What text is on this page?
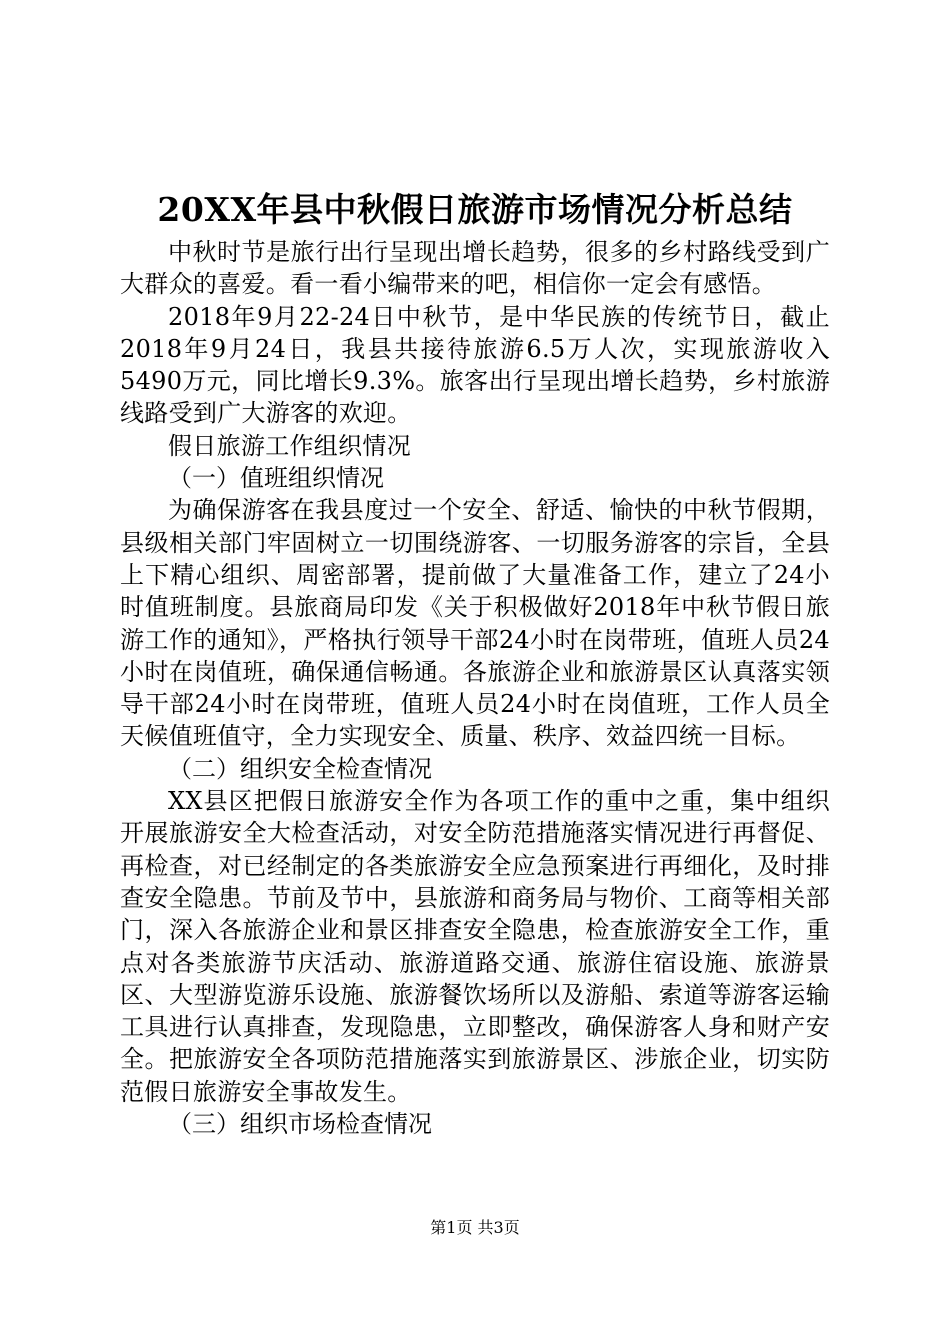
20XX年县中秋假日旅游市场情况分析总结

中秋时节是旅行出行呈现出增长趋势，很多的乡村路线受到广大群众的喜爱。看一看小编带来的吧，相信你一定会有感悟。

2018年9月22-24日中秋节，是中华民族的传统节日，截止2018年9月24日，我县共接待旅游6.5万人次，实现旅游收入5490万元，同比增长9.3%。旅客出行呈现出增长趋势，乡村旅游线路受到广大游客的欢迎。

假日旅游工作组织情况

（一）值班组织情况

为确保游客在我县度过一个安全、舒适、愉快的中秋节假期，县级相关部门牢固树立一切围绕游客、一切服务游客的宗旨，全县上下精心组织、周密部署，提前做了大量准备工作，建立了24小时值班制度。县旅商局印发《关于积极做好2018年中秋节假日旅游工作的通知》，严格执行领导干部24小时在岗带班，值班人员24小时在岗值班，确保通信畅通。各旅游企业和旅游景区认真落实领导干部24小时在岗带班，值班人员24小时在岗值班，工作人员全天候值班值守，全力实现安全、质量、秩序、效益四统一目标。

（二）组织安全检查情况

XX县区把假日旅游安全作为各项工作的重中之重，集中组织开展旅游安全大检查活动，对安全防范措施落实情况进行再督促、再检查，对已经制定的各类旅游安全应急预案进行再细化，及时排查安全隐患。节前及节中，县旅游和商务局与物价、工商等相关部门，深入各旅游企业和景区排查安全隐患，检查旅游安全工作，重点对各类旅游节庆活动、旅游道路交通、旅游住宿设施、旅游景区、大型游览游乐设施、旅游餐饮场所以及游船、索道等游客运输工具进行认真排查，发现隐患，立即整改，确保游客人身和财产安全。把旅游安全各项防范措施落实到旅游景区、涉旅企业，切实防范假日旅游安全事故发生。

（三）组织市场检查情况

第1页 共3页
